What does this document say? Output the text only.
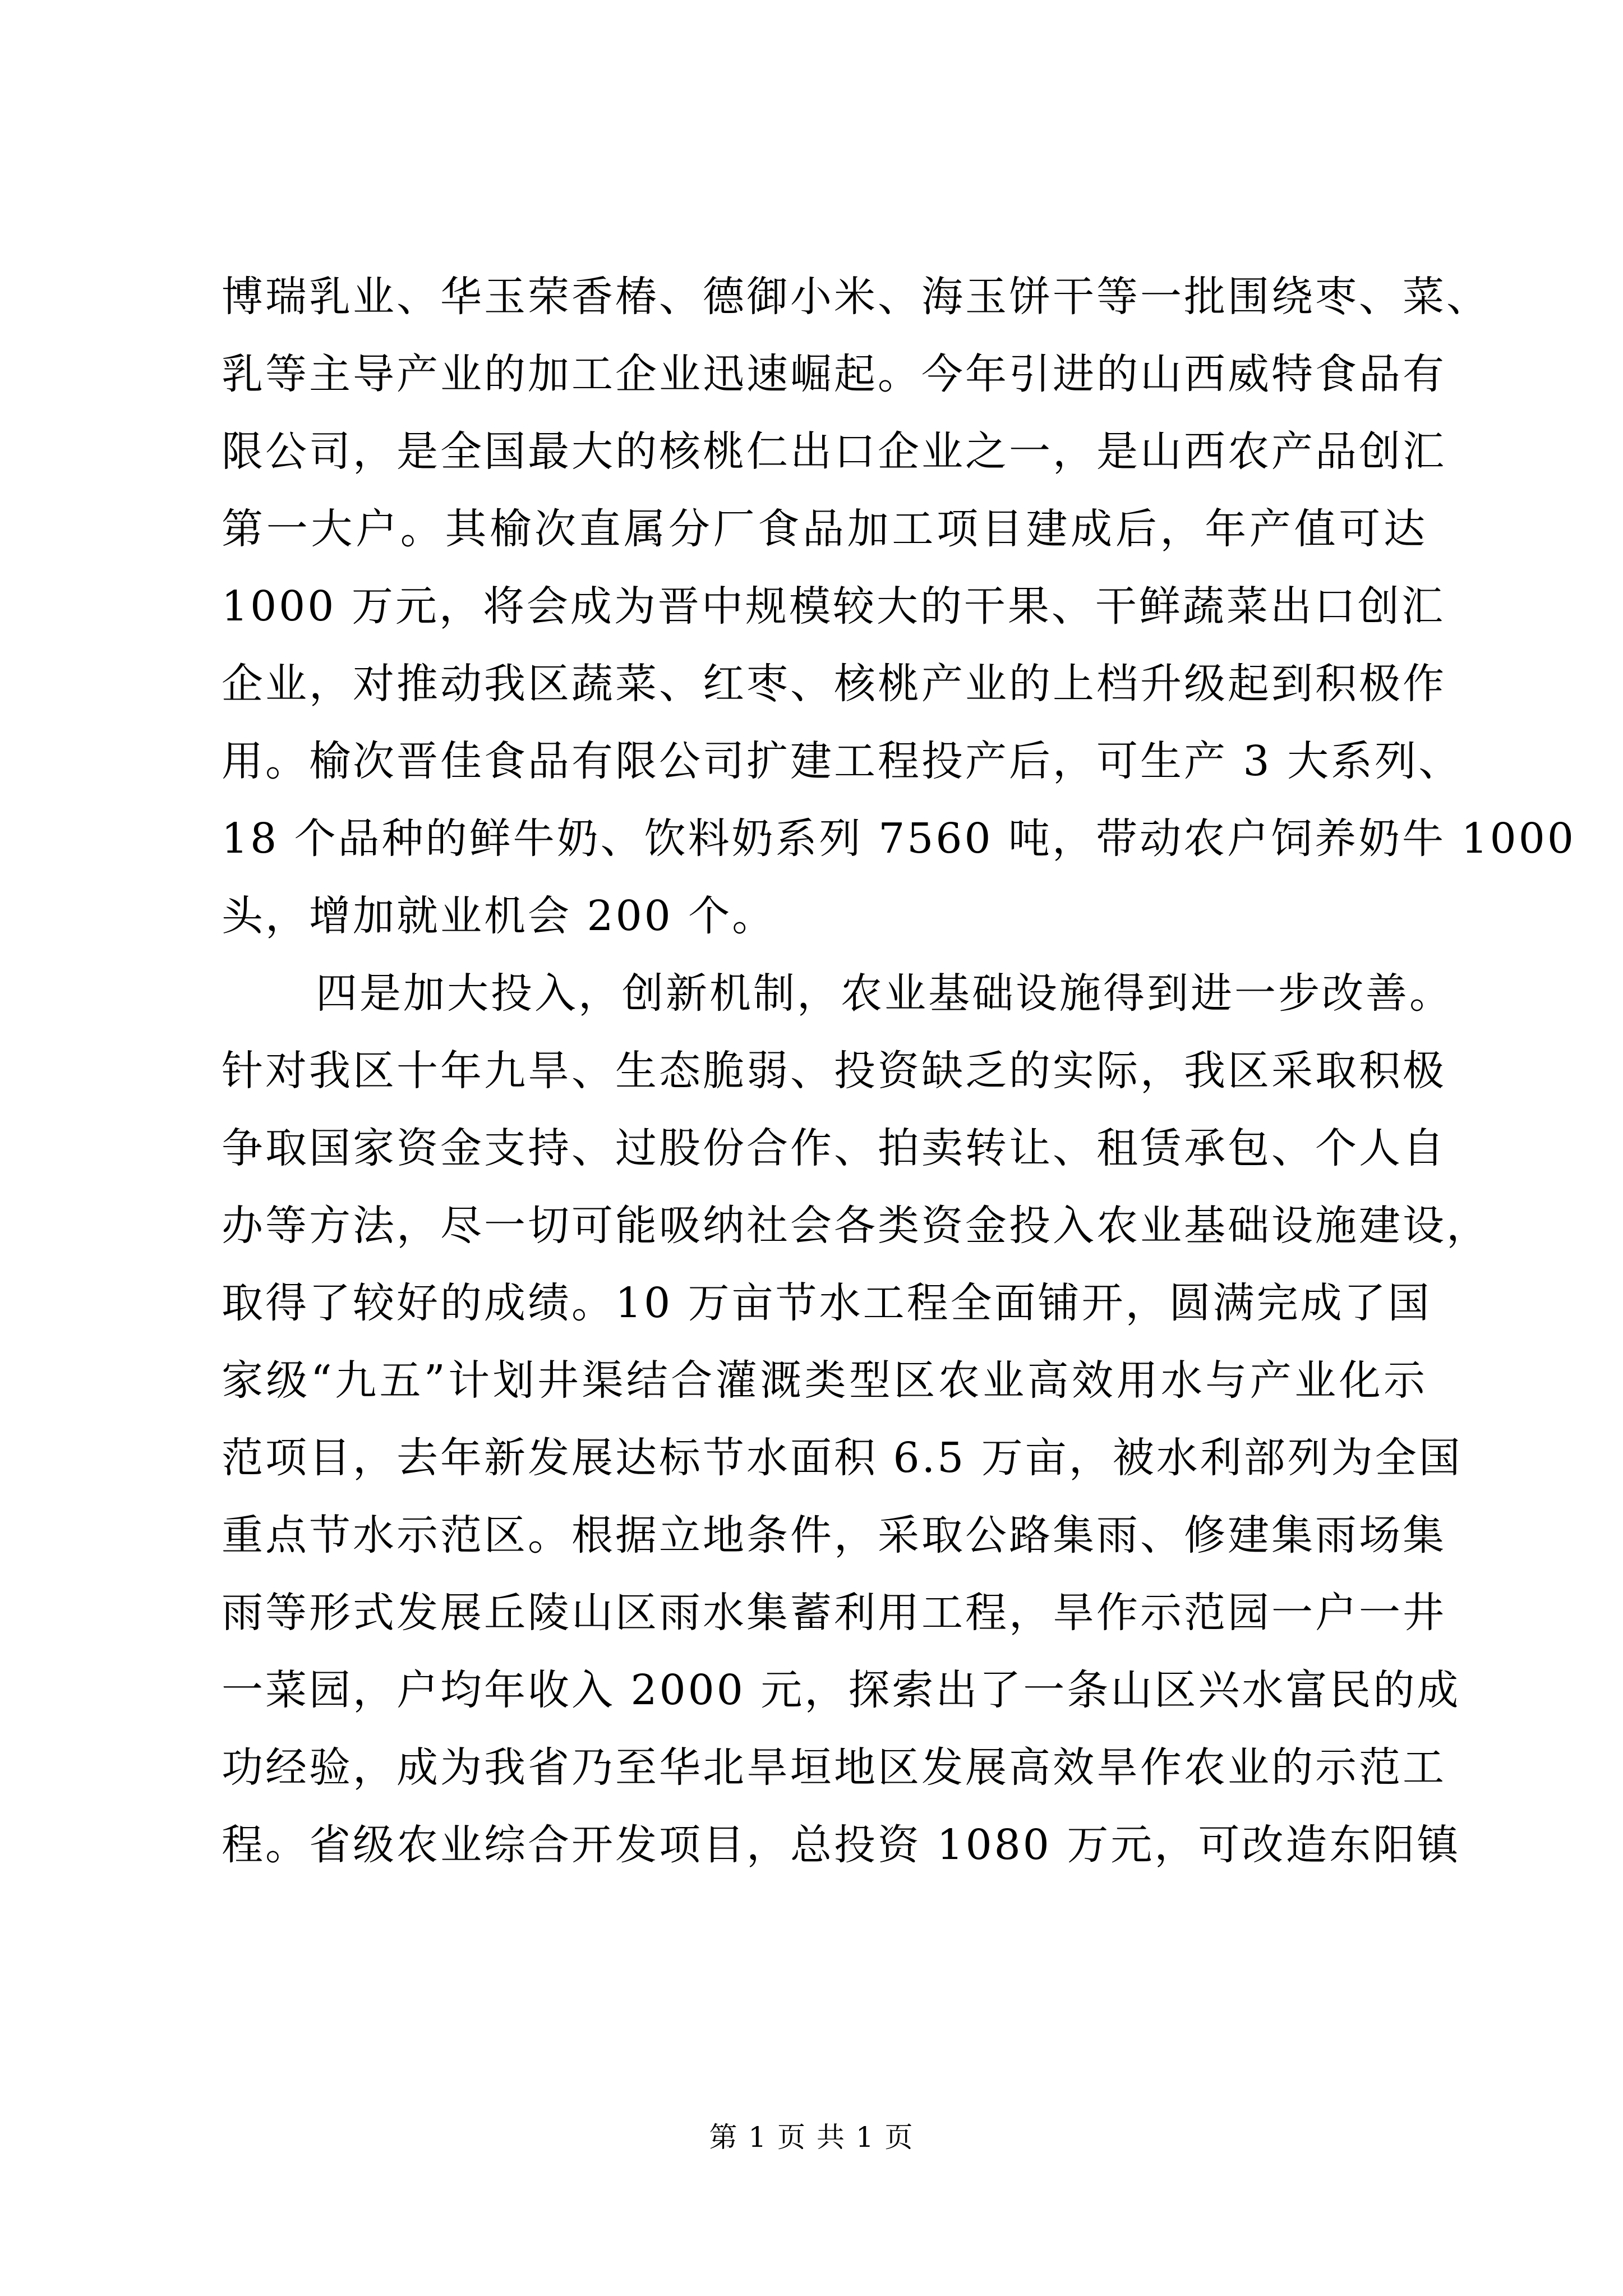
博瑞乳业、华玉荣香椿、德御小米、海玉饼干等一批围绕枣、菜、
乳等主导产业的加工企业迅速崛起。今年引进的山西威特食品有
限公司，是全国最大的核桃仁出口企业之一，是山西农产品创汇
第一大户。其榆次直属分厂食品加工项目建成后，年产值可达
1000 万元，将会成为晋中规模较大的干果、干鲜蔬菜出口创汇
企业，对推动我区蔬菜、红枣、核桃产业的上档升级起到积极作
用。榆次晋佳食品有限公司扩建工程投产后，可生产 3 大系列、
18 个品种的鲜牛奶、饮料奶系列 7560 吨，带动农户饲养奶牛 1000
头，增加就业机会 200 个。
四是加大投入，创新机制，农业基础设施得到进一步改善。
针对我区十年九旱、生态脆弱、投资缺乏的实际，我区采取积极
争取国家资金支持、过股份合作、拍卖转让、租赁承包、个人自
办等方法，尽一切可能吸纳社会各类资金投入农业基础设施建设，
取得了较好的成绩。10 万亩节水工程全面铺开，圆满完成了国
家级“九五”计划井渠结合灌溉类型区农业高效用水与产业化示
范项目，去年新发展达标节水面积 6.5 万亩，被水利部列为全国
重点节水示范区。根据立地条件，采取公路集雨、修建集雨场集
雨等形式发展丘陵山区雨水集蓄利用工程，旱作示范园一户一井
一菜园，户均年收入 2000 元，探索出了一条山区兴水富民的成
功经验，成为我省乃至华北旱垣地区发展高效旱作农业的示范工
程。省级农业综合开发项目，总投资 1080 万元，可改造东阳镇
第 1 页 共 1 页
